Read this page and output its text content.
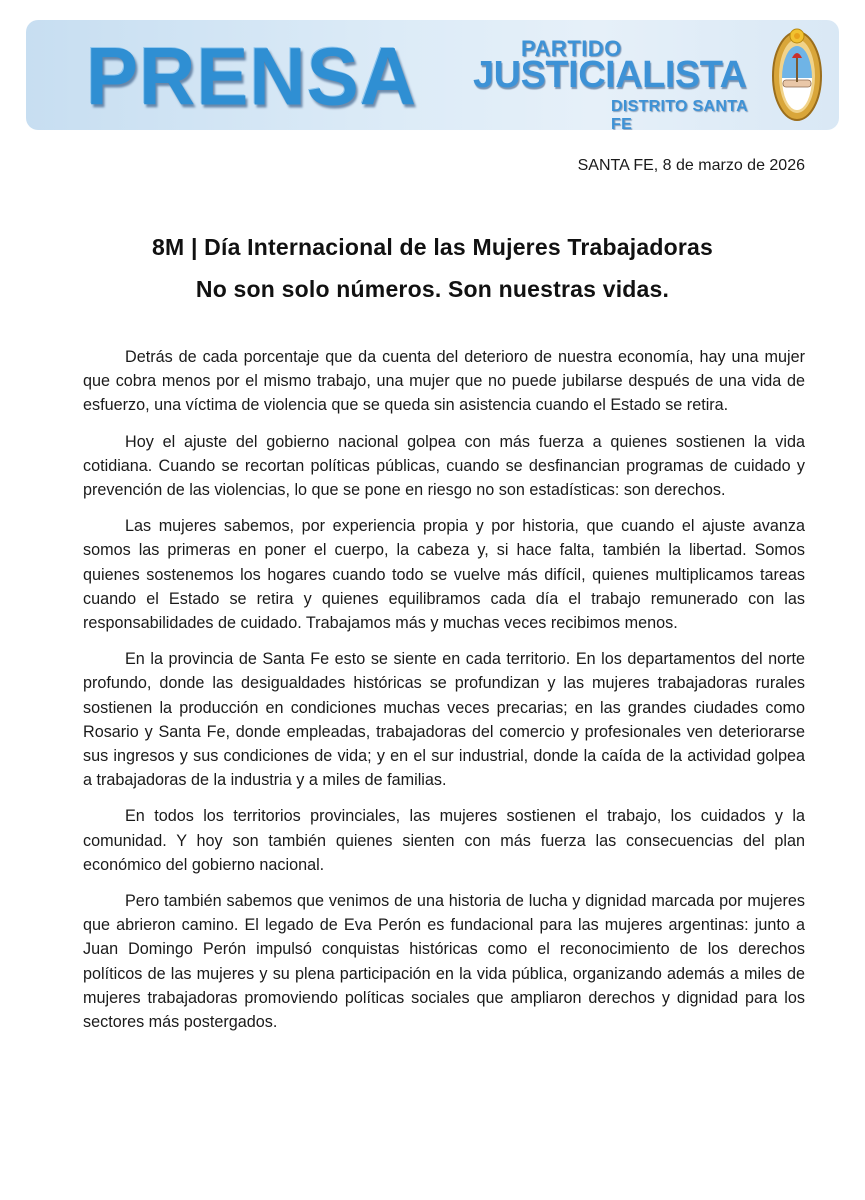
PRENSA	PARTIDO
JUSTICIALISTA
DISTRITO SANTA FE
SANTA FE, 8 de marzo de 2026
8M | Día Internacional de las Mujeres Trabajadoras
No son solo números. Son nuestras vidas.

Detrás de cada porcentaje que da cuenta del deterioro de nuestra economía, hay una mujer que cobra menos por el mismo trabajo, una mujer que no puede jubilarse después de una vida de esfuerzo, una víctima de violencia que se queda sin asistencia cuando el Estado se retira.

Hoy el ajuste del gobierno nacional golpea con más fuerza a quienes sostienen la vida cotidiana. Cuando se recortan políticas públicas, cuando se desfinancian programas de cuidado y prevención de las violencias, lo que se pone en riesgo no son estadísticas: son derechos.

Las mujeres sabemos, por experiencia propia y por historia, que cuando el ajuste avanza somos las primeras en poner el cuerpo, la cabeza y, si hace falta, también la libertad. Somos quienes sostenemos los hogares cuando todo se vuelve más difícil, quienes multiplicamos tareas cuando el Estado se retira y quienes equilibramos cada día el trabajo remunerado con las responsabilidades de cuidado. Trabajamos más y muchas veces recibimos menos.

En la provincia de Santa Fe esto se siente en cada territorio. En los departamentos del norte profundo, donde las desigualdades históricas se profundizan y las mujeres trabajadoras rurales sostienen la producción en condiciones muchas veces precarias; en las grandes ciudades como Rosario y Santa Fe, donde empleadas, trabajadoras del comercio y profesionales ven deteriorarse sus ingresos y sus condiciones de vida; y en el sur industrial, donde la caída de la actividad golpea a trabajadoras de la industria y a miles de familias.

En todos los territorios provinciales, las mujeres sostienen el trabajo, los cuidados y la comunidad. Y hoy son también quienes sienten con más fuerza las consecuencias del plan económico del gobierno nacional.

Pero también sabemos que venimos de una historia de lucha y dignidad marcada por mujeres que abrieron camino. El legado de Eva Perón es fundacional para las mujeres argentinas: junto a Juan Domingo Perón impulsó conquistas históricas como el reconocimiento de los derechos políticos de las mujeres y su plena participación en la vida pública, organizando además a miles de mujeres trabajadoras promoviendo políticas sociales que ampliaron derechos y dignidad para los sectores más postergados.
